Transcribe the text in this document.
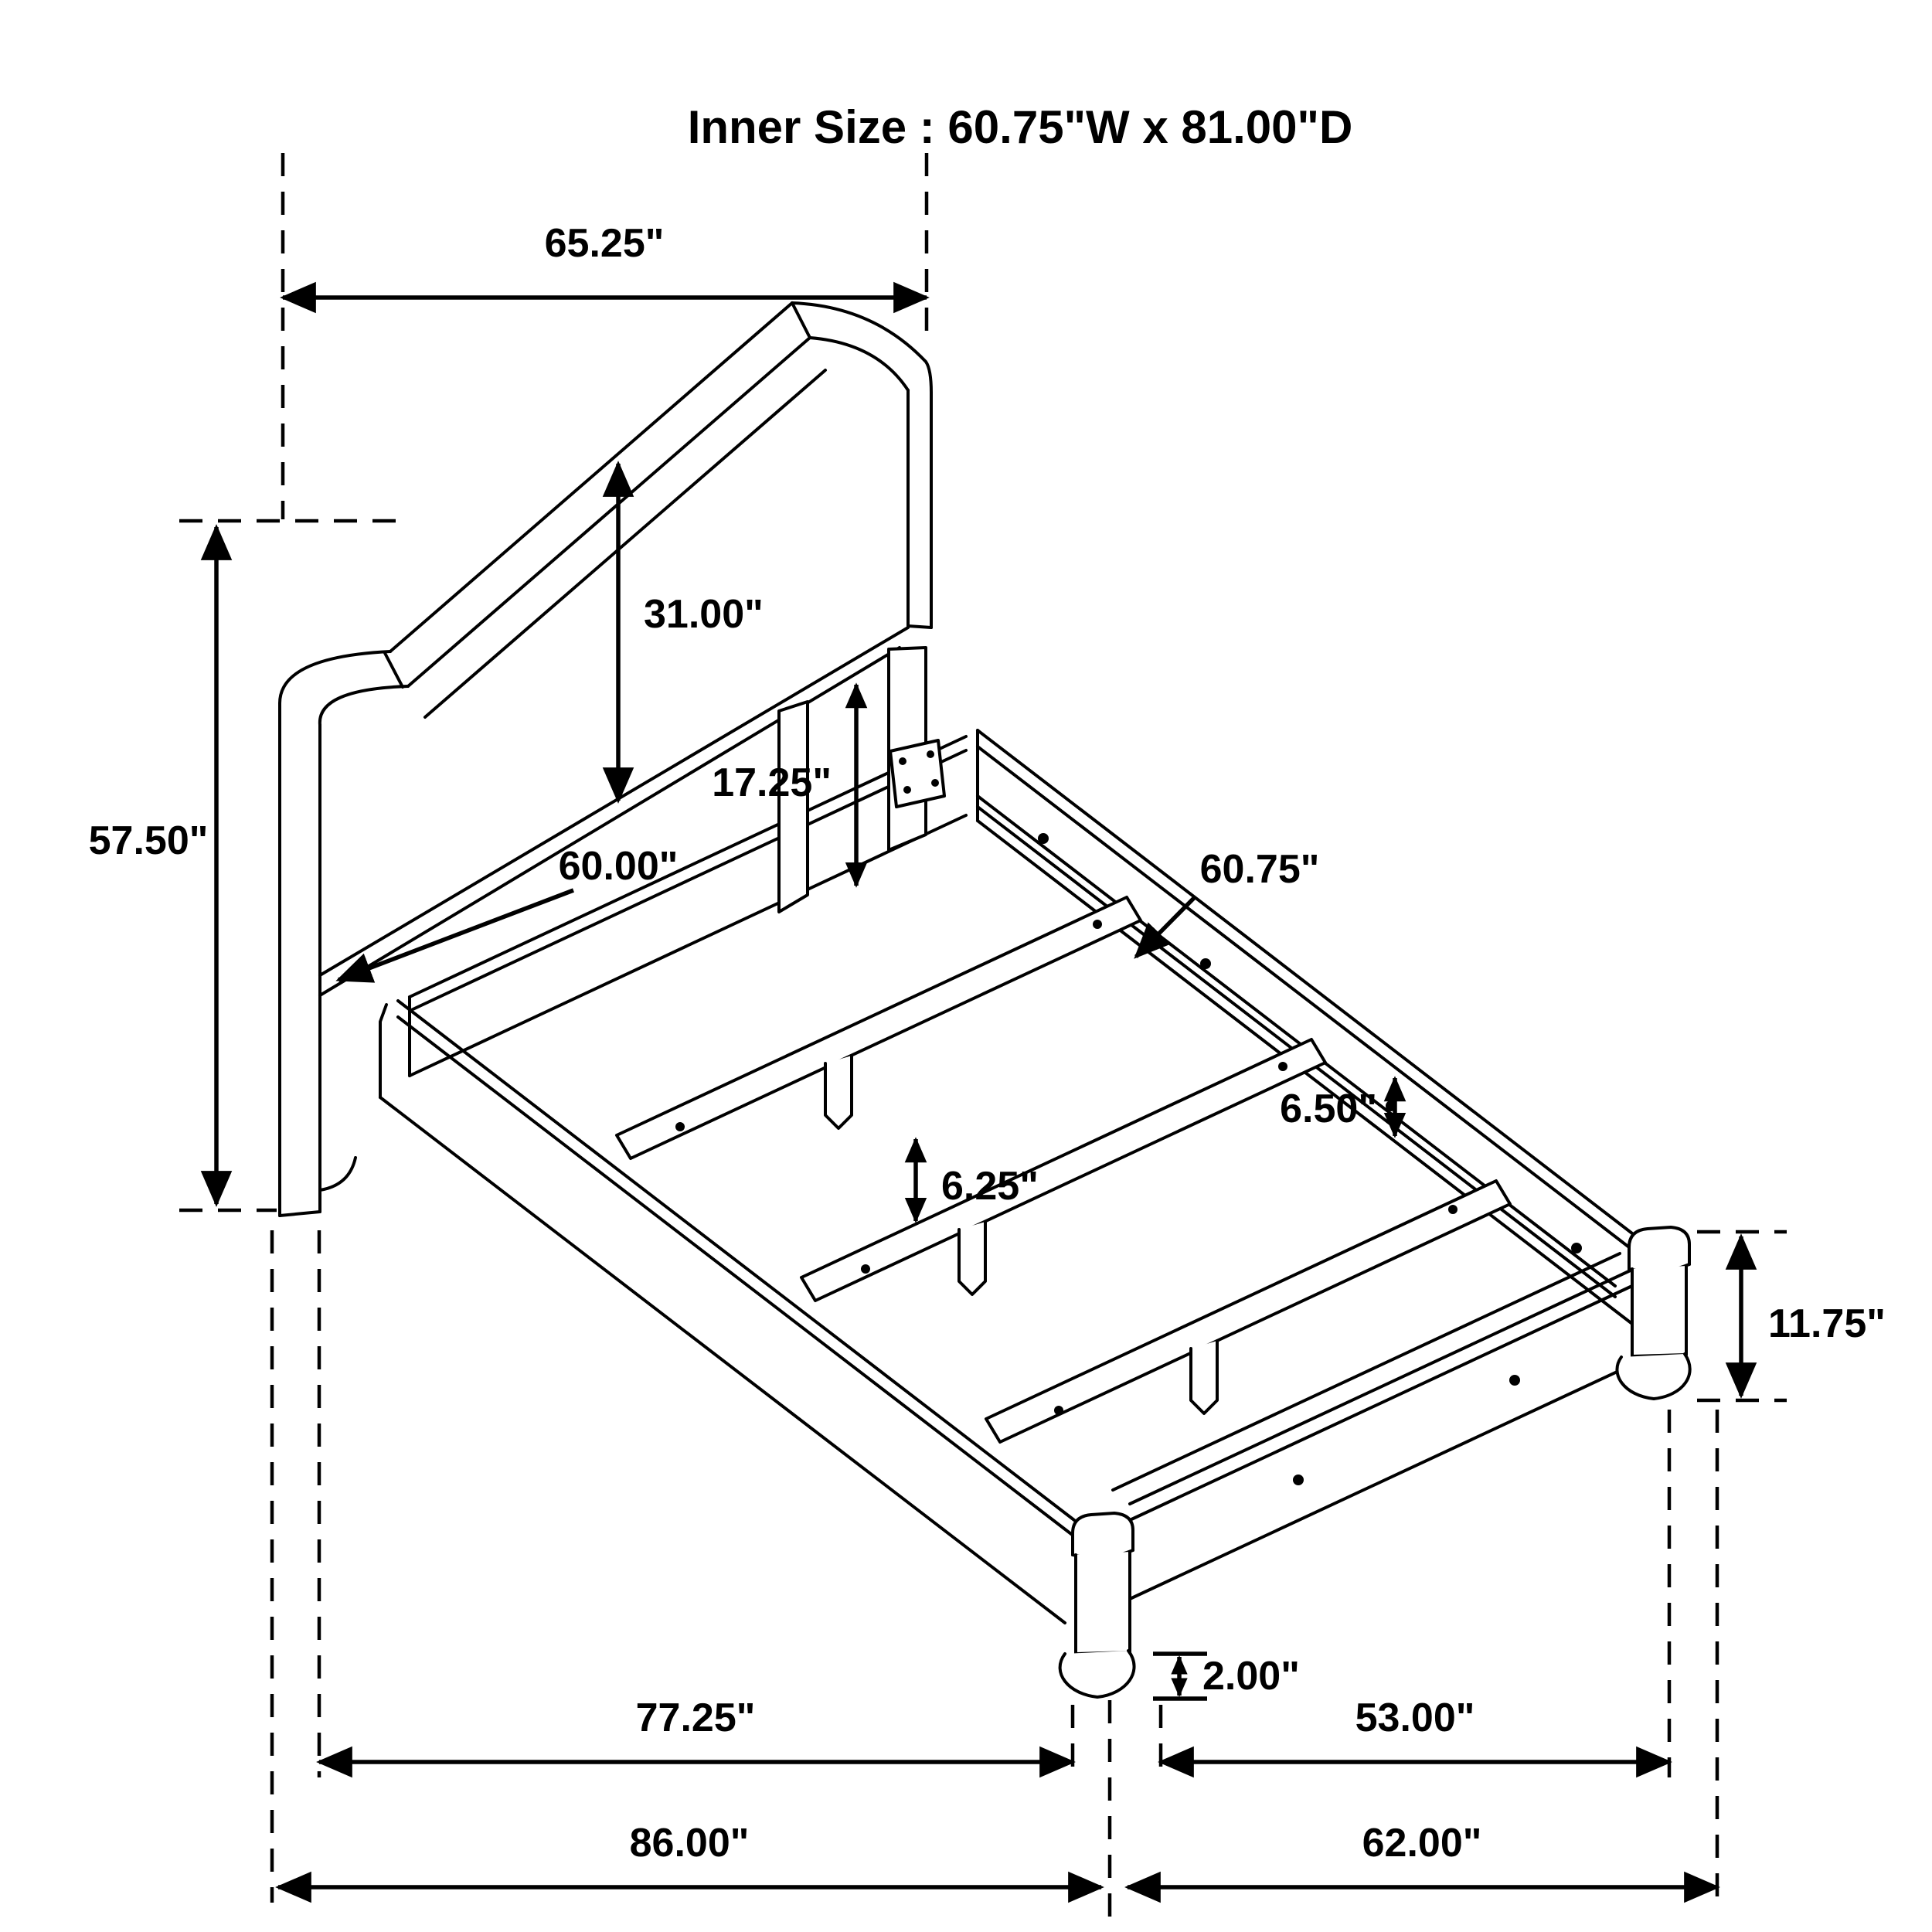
65.25"
57.50"
31.00"
17.25"
60.00"	60.75"
6.50"
6.25"
11.75"
2.00"
77.25"	53.00"
86.00"	62.00"
Inner Size : 60.75"W x 81.00"D
